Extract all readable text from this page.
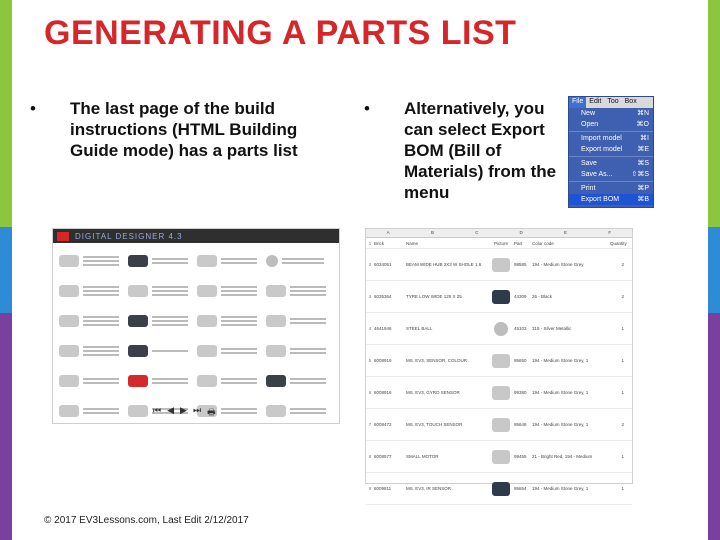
GENERATING A PARTS LIST
• The last page of the build instructions (HTML Building Guide mode) has a parts list
• Alternatively, you can select Export BOM (Bill of Materials) from the menu
File Edit Too Box
New	⌘N
Open	⌘O
Import model	⌘I
Export model ⌘E
Save	⌘S
Save As...	⇧⌘S
Print	⌘P
Export BOM	⌘B
DIGITAL DESIGNER 4.3
⏮ ◀ ▶ ⏭ 🖶
A	B	C	D	E	F
1 Brick	Name	Picture	Part	Color code	Quantity
2 6034051	BEAM WIDE HUB 2X3 W SHOLE 1.6	98585	194 - Medium Stone Grey	2
3 6035364	TYRE LOW WIDE 125 X 25	44309	26 - Black	2
4 4641946	STEEL BALL	45103	315 - Silver Metallic	1
5 6008919	MS. EV3, SENSOR, COLOUR	95650	194 - Medium Stone Grey, 1	1
6 6008916	MS. EV3, GYRO SENSOR	99380	194 - Medium Stone Grey, 1	1
7 6008472	MS. EV3, TOUCH SENSOR	95648	194 - Medium Stone Grey, 1	2
8 6008577	SMALL MOTOR	99455	21 - Bright Red, 194 - Medium	1
9 6009811	MS. EV3, IR SENSOR	95654	194 - Medium Stone Grey, 1	1
© 2017 EV3Lessons.com, Last Edit 2/12/2017
